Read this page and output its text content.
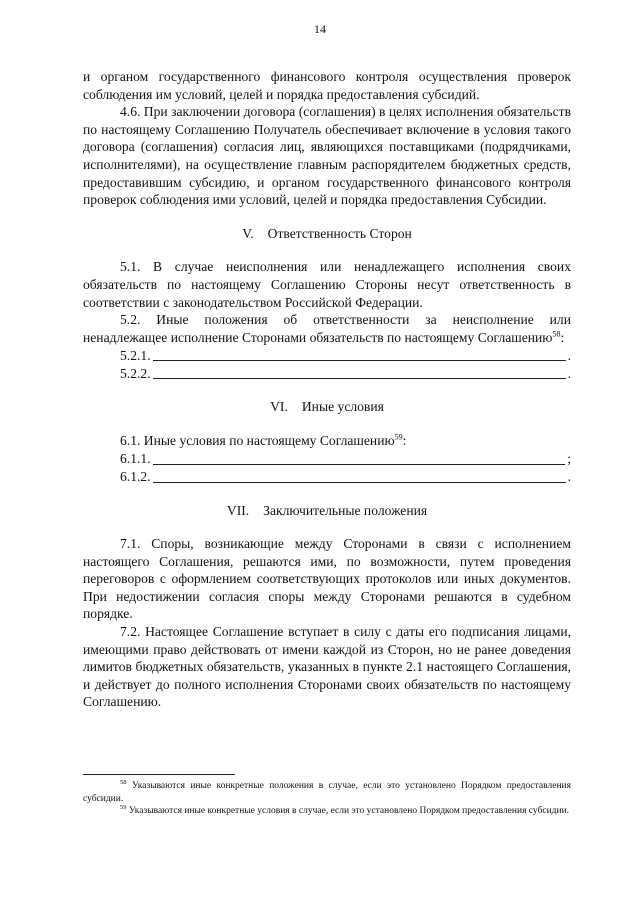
14

и органом государственного финансового контроля осуществления проверок соблюдения им условий, целей и порядка предоставления субсидий.

4.6. При заключении договора (соглашения) в целях исполнения обязательств по настоящему Соглашению Получатель обеспечивает включение в условия такого договора (соглашения) согласия лиц, являющихся поставщиками (подрядчиками, исполнителями), на осуществление главным распорядителем бюджетных средств, предоставившим субсидию, и органом государственного финансового контроля проверок соблюдения ими условий, целей и порядка предоставления Субсидии.

V. Ответственность Сторон

5.1. В случае неисполнения или ненадлежащего исполнения своих обязательств по настоящему Соглашению Стороны несут ответственность в соответствии с законодательством Российской Федерации.

5.2. Иные положения об ответственности за неисполнение или ненадлежащее исполнение Сторонами обязательств по настоящему Соглашению$^{58}$:

5.2.1.	.
5.2.2.	.
VI. Иные условия

6.1. Иные условия по настоящему Соглашению$^{59}$:

6.1.1.	;
6.1.2.	.
VII. Заключительные положения

7.1. Споры, возникающие между Сторонами в связи с исполнением настоящего Соглашения, решаются ими, по возможности, путем проведения переговоров с оформлением соответствующих протоколов или иных документов. При недостижении согласия споры между Сторонами решаются в судебном порядке.

7.2. Настоящее Соглашение вступает в силу с даты его подписания лицами, имеющими право действовать от имени каждой из Сторон, но не ранее доведения лимитов бюджетных обязательств, указанных в пункте 2.1 настоящего Соглашения, и действует до полного исполнения Сторонами своих обязательств по настоящему Соглашению.

$^{58}$ Указываются иные конкретные положения в случае, если это установлено Порядком предоставления субсидии.

$^{59}$ Указываются иные конкретные условия в случае, если это установлено Порядком предоставления субсидии.
